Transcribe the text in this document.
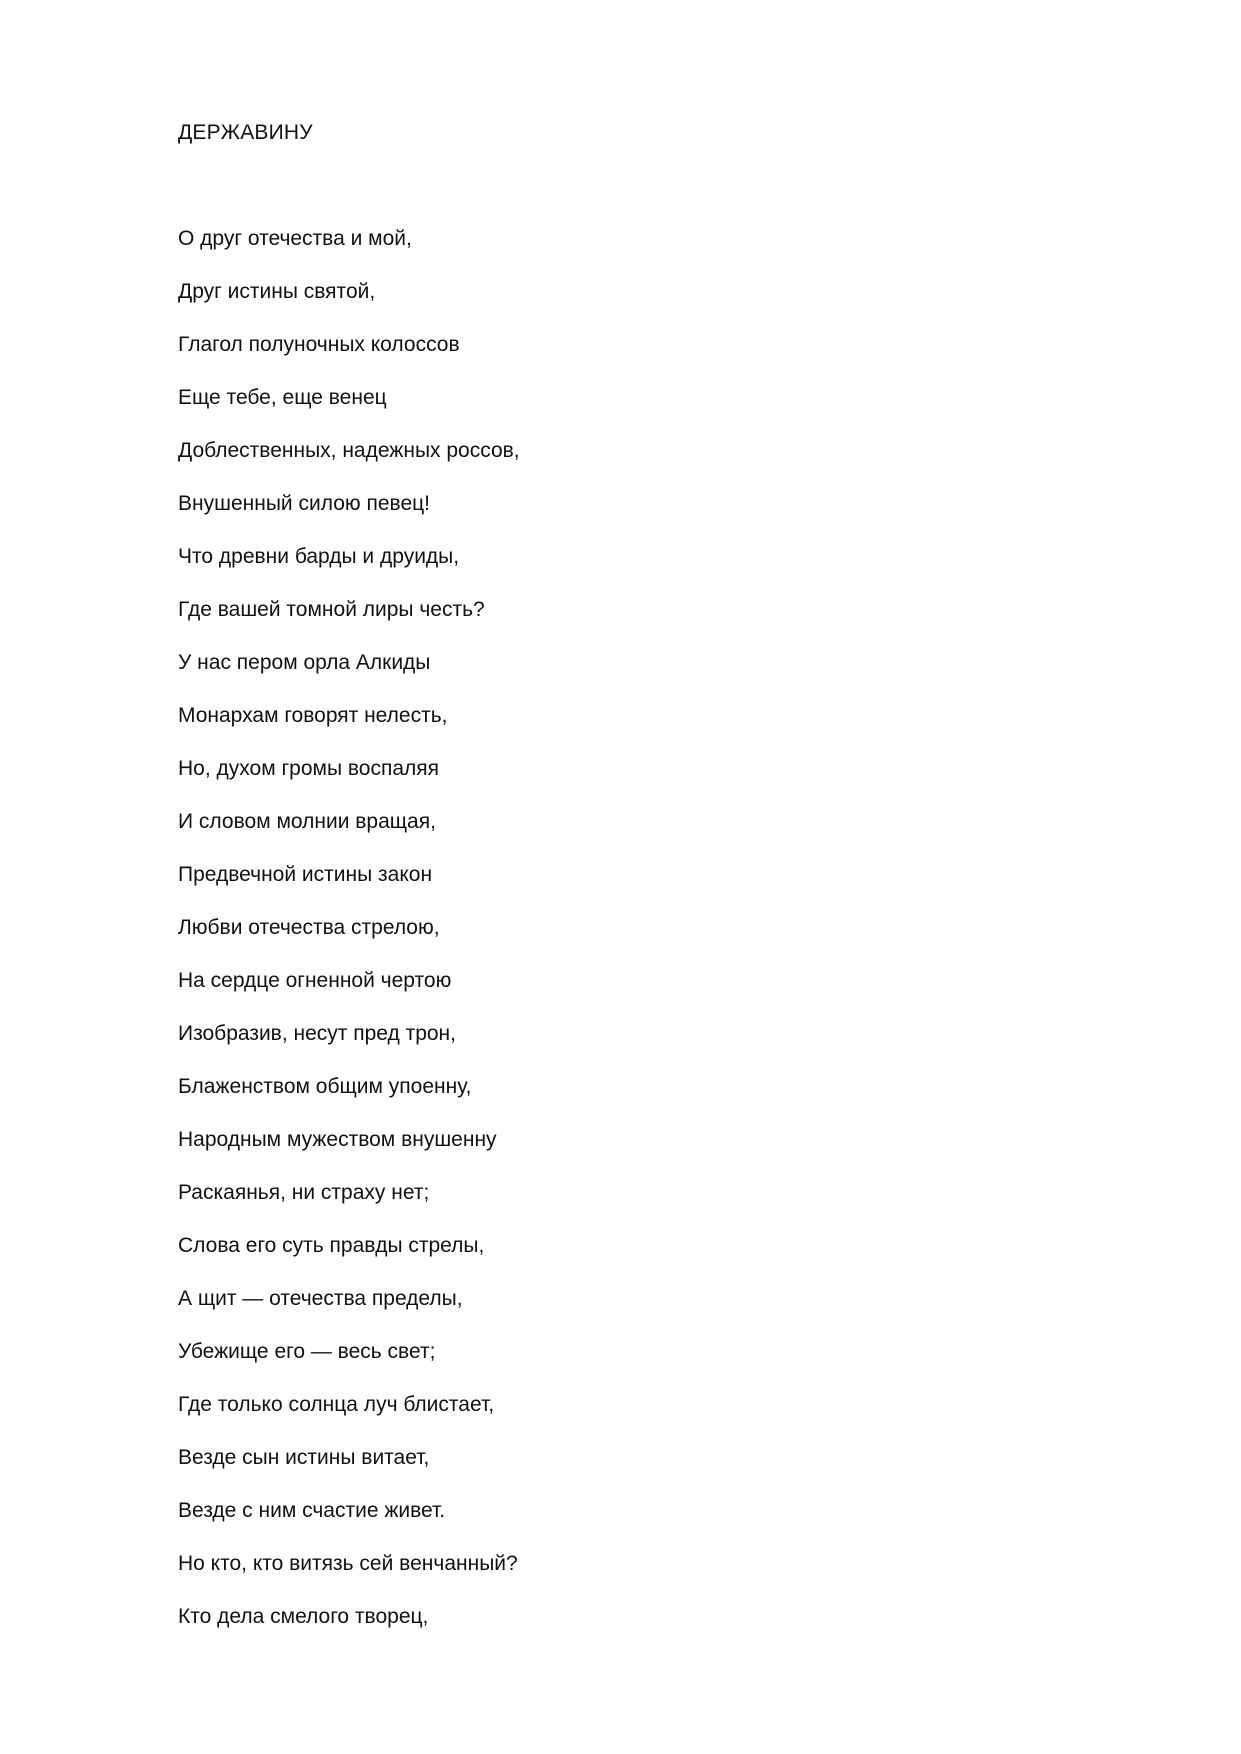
ДЕРЖАВИНУ
О друг отечества и мой,
Друг истины святой,
Глагол полуночных колоссов
Еще тебе, еще венец
Доблественных, надежных россов,
Внушенный силою певец!
Что древни барды и друиды,
Где вашей томной лиры честь?
У нас пером орла Алкиды
Монархам говорят нелесть,
Но, духом громы воспаляя
И словом молнии вращая,
Предвечной истины закон
Любви отечества стрелою,
На сердце огненной чертою
Изобразив, несут пред трон,
Блаженством общим упоенну,
Народным мужеством внушенну
Раскаянья, ни страху нет;
Слова его суть правды стрелы,
А щит — отечества пределы,
Убежище его — весь свет;
Где только солнца луч блистает,
Везде сын истины витает,
Везде с ним счастие живет.
Но кто, кто витязь сей венчанный?
Кто дела смелого творец,
